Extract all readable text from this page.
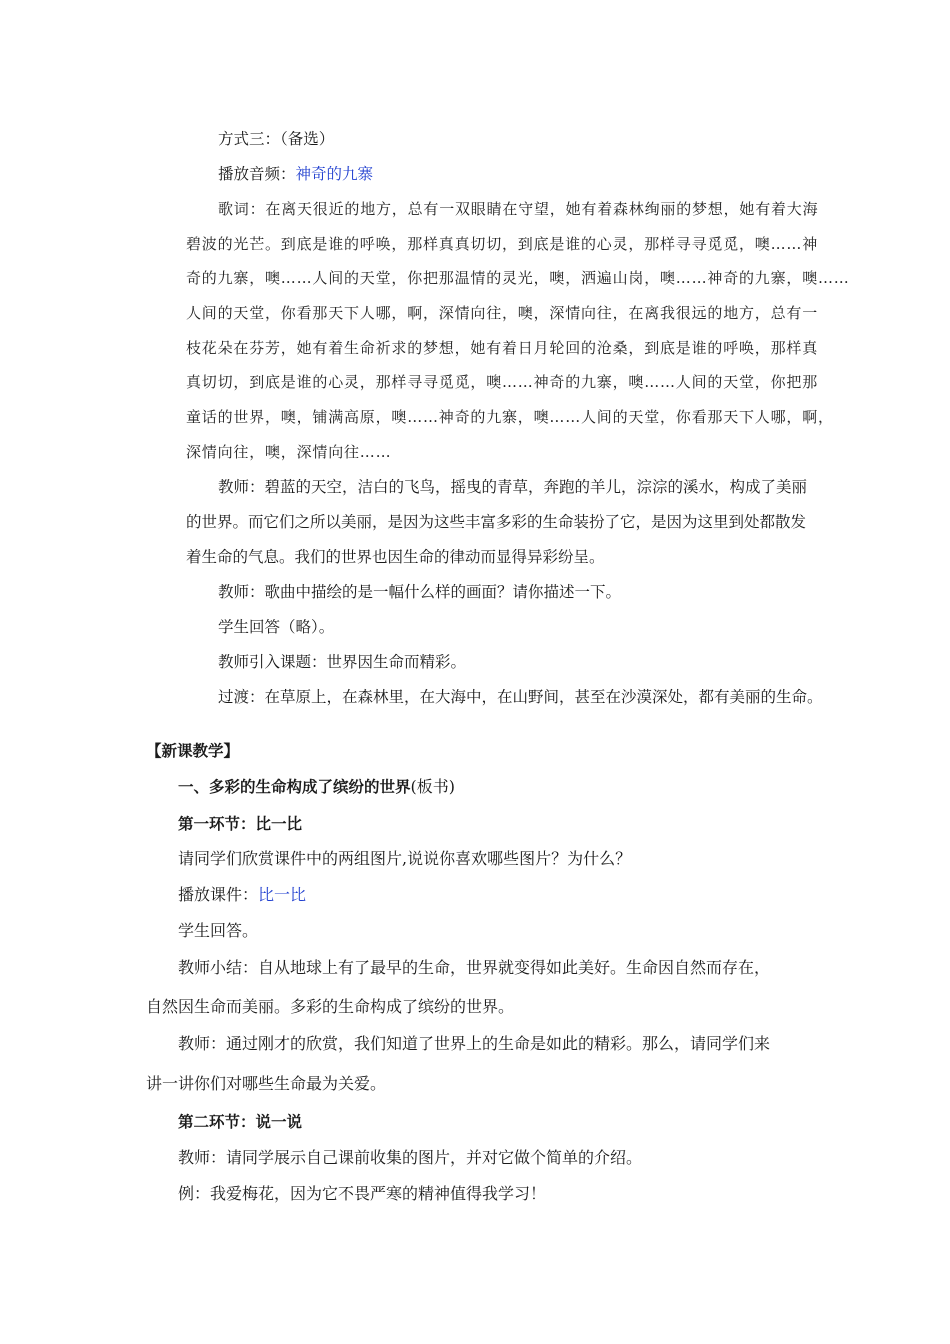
方式三：（备选）

播放音频：神奇的九寨

歌词：在离天很近的地方，总有一双眼睛在守望，她有着森林绚丽的梦想，她有着大海

碧波的光芒。到底是谁的呼唤，那样真真切切，到底是谁的心灵，那样寻寻觅觅，噢……神

奇的九寨，噢……人间的天堂，你把那温情的灵光，噢，洒遍山岗，噢……神奇的九寨，噢……

人间的天堂，你看那天下人哪，啊，深情向往，噢，深情向往，在离我很远的地方，总有一

枝花朵在芬芳，她有着生命祈求的梦想，她有着日月轮回的沧桑，到底是谁的呼唤，那样真

真切切，到底是谁的心灵，那样寻寻觅觅，噢……神奇的九寨，噢……人间的天堂，你把那

童话的世界，噢，铺满高原，噢……神奇的九寨，噢……人间的天堂，你看那天下人哪，啊，

深情向往，噢，深情向往……

教师：碧蓝的天空，洁白的飞鸟，摇曳的青草，奔跑的羊儿，淙淙的溪水，构成了美丽

的世界。而它们之所以美丽，是因为这些丰富多彩的生命装扮了它，是因为这里到处都散发

着生命的气息。我们的世界也因生命的律动而显得异彩纷呈。

教师：歌曲中描绘的是一幅什么样的画面？请你描述一下。

学生回答（略）。

教师引入课题：世界因生命而精彩。

过渡：在草原上，在森林里，在大海中，在山野间，甚至在沙漠深处，都有美丽的生命。

【新课教学】

一、多彩的生命构成了缤纷的世界(板书)

第一环节：比一比

请同学们欣赏课件中的两组图片,说说你喜欢哪些图片？为什么？

播放课件：比一比

学生回答。

教师小结：自从地球上有了最早的生命，世界就变得如此美好。生命因自然而存在，

自然因生命而美丽。多彩的生命构成了缤纷的世界。

教师：通过刚才的欣赏，我们知道了世界上的生命是如此的精彩。那么，请同学们来

讲一讲你们对哪些生命最为关爱。

第二环节：说一说

教师：请同学展示自己课前收集的图片，并对它做个简单的介绍。

例：我爱梅花，因为它不畏严寒的精神值得我学习！
